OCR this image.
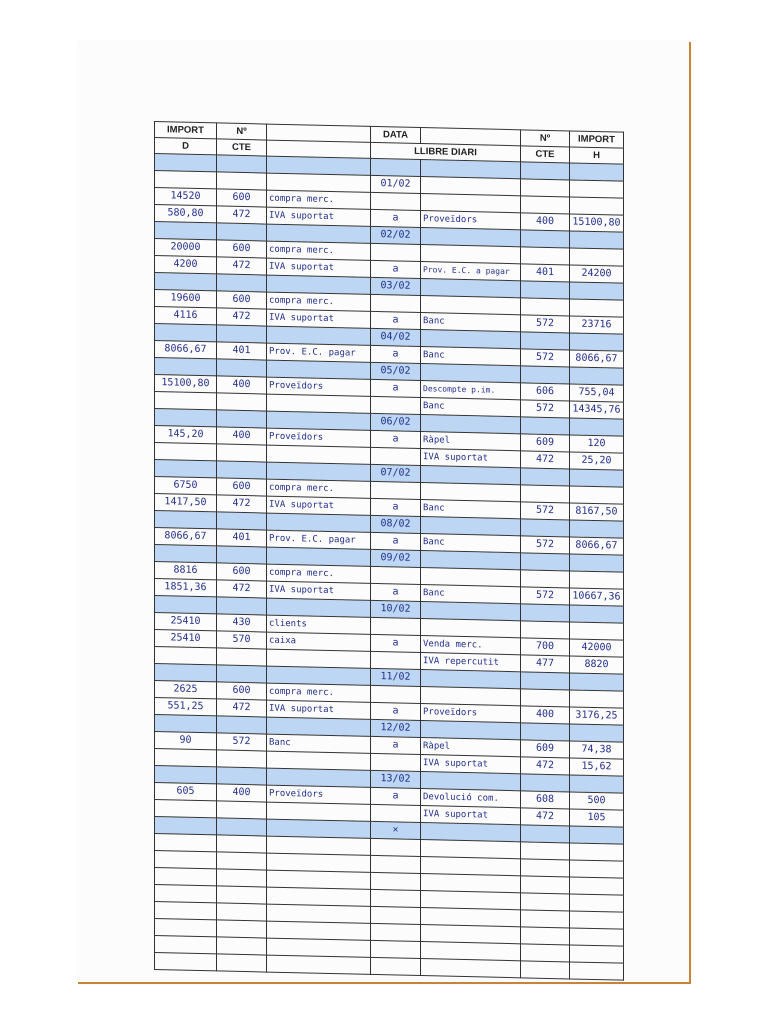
IMPORT	Nº		DATA		Nº	IMPORT
D	CTE		LLIBRE DIARI		CTE	H

			01/02			
14520	600	compra merc.				
580,80	472	IVA suportat	a	Proveïdors	400	15100,80
			02/02			
20000	600	compra merc.				
4200	472	IVA suportat	a	Prov. E.C. a pagar	401	24200
			03/02			
19600	600	compra merc.				
4116	472	IVA suportat	a	Banc	572	23716
			04/02			
8066,67	401	Prov. E.C. pagar	a	Banc	572	8066,67
			05/02			
15100,80	400	Proveïdors	a	Descompte p.im.	606	755,04
				Banc	572	14345,76
			06/02			
145,20	400	Proveïdors	a	Ràpel	609	120
				IVA suportat	472	25,20
			07/02			
6750	600	compra merc.				
1417,50	472	IVA suportat	a	Banc	572	8167,50
			08/02			
8066,67	401	Prov. E.C. pagar	a	Banc	572	8066,67
			09/02			
8816	600	compra merc.				
1851,36	472	IVA suportat	a	Banc	572	10667,36
			10/02			
25410	430	clients				
25410	570	caixa	a	Venda merc.	700	42000
				IVA repercutit	477	8820
			11/02			
2625	600	compra merc.				
551,25	472	IVA suportat	a	Proveïdors	400	3176,25
			12/02			
90	572	Banc	a	Ràpel	609	74,38
				IVA suportat	472	15,62
			13/02			
605	400	Proveïdors	a	Devolució com.	608	500
				IVA suportat	472	105
			×			
